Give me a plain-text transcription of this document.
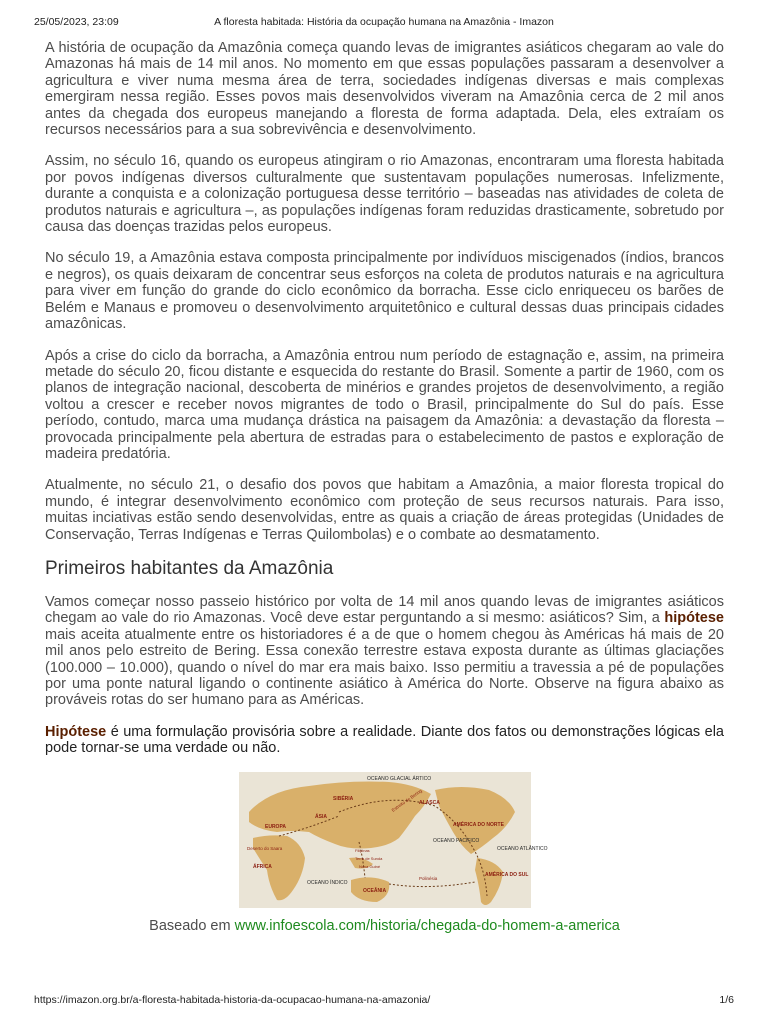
25/05/2023, 23:09	A floresta habitada: História da ocupação humana na Amazônia - Imazon

A história de ocupação da Amazônia começa quando levas de imigrantes asiáticos chegaram ao vale do Amazonas há mais de 14 mil anos. No momento em que essas populações passaram a desenvolver a agricultura e viver numa mesma área de terra, sociedades indígenas diversas e mais complexas emergiram nessa região. Esses povos mais desenvolvidos viveram na Amazônia cerca de 2 mil anos antes da chegada dos europeus manejando a floresta de forma adaptada. Dela, eles extraíam os recursos necessários para a sua sobrevivência e desenvolvimento.

Assim, no século 16, quando os europeus atingiram o rio Amazonas, encontraram uma floresta habitada por povos indígenas diversos culturalmente que sustentavam populações numerosas. Infelizmente, durante a conquista e a colonização portuguesa desse território – baseadas nas atividades de coleta de produtos naturais e agricultura –, as populações indígenas foram reduzidas drasticamente, sobretudo por causa das doenças trazidas pelos europeus.

No século 19, a Amazônia estava composta principalmente por indivíduos miscigenados (índios, brancos e negros), os quais deixaram de concentrar seus esforços na coleta de produtos naturais e na agricultura para viver em função do grande do ciclo econômico da borracha. Esse ciclo enriqueceu os barões de Belém e Manaus e promoveu o desenvolvimento arquitetônico e cultural dessas duas principais cidades amazônicas.

Após a crise do ciclo da borracha, a Amazônia entrou num período de estagnação e, assim, na primeira metade do século 20, ficou distante e esquecida do restante do Brasil. Somente a partir de 1960, com os planos de integração nacional, descoberta de minérios e grandes projetos de desenvolvimento, a região voltou a crescer e receber novos migrantes de todo o Brasil, principalmente do Sul do país. Esse período, contudo, marca uma mudança drástica na paisagem da Amazônia: a devastação da floresta – provocada principalmente pela abertura de estradas para o estabelecimento de pastos e exploração de madeira predatória.

Atualmente, no século 21, o desafio dos povos que habitam a Amazônia, a maior floresta tropical do mundo, é integrar desenvolvimento econômico com proteção de seus recursos naturais. Para isso, muitas inciativas estão sendo desenvolvidas, entre as quais a criação de áreas protegidas (Unidades de Conservação, Terras Indígenas e Terras Quilombolas) e o combate ao desmatamento.

Primeiros habitantes da Amazônia

Vamos começar nosso passeio histórico por volta de 14 mil anos quando levas de imigrantes asiáticos chegam ao vale do rio Amazonas. Você deve estar perguntando a si mesmo: asiáticos? Sim, a hipótese mais aceita atualmente entre os historiadores é a de que o homem chegou às Américas há mais de 20 mil anos pelo estreito de Bering. Essa conexão terrestre estava exposta durante as últimas glaciações (100.000 – 10.000), quando o nível do mar era mais baixo. Isso permitiu a travessia a pé de populações por uma ponte natural ligando o continente asiático à América do Norte. Observe na figura abaixo as prováveis rotas do ser humano para as Américas.

Hipótese é uma formulação provisória sobre a realidade. Diante dos fatos ou demonstrações lógicas ela pode tornar-se uma verdade ou não.

OCEANO GLACIAL ÁRTICO
SIBÉRIA
ALASCA
Estreito de Bering
ÁSIA
EUROPA	AMÉRICA DO NORTE
OCEANO PACÍFICO
OCEANO ATLÂNTICO
Deserto do Saara
ÁFRICA
Filipinas
Terra de Sunda
Nova Guiné
Polinésia
OCEANO ÍNDICO
OCEÂNIA
AMÉRICA DO SUL
Baseado em www.infoescola.com/historia/chegada-do-homem-a-america
https://imazon.org.br/a-floresta-habitada-historia-da-ocupacao-humana-na-amazonia/	1/6
